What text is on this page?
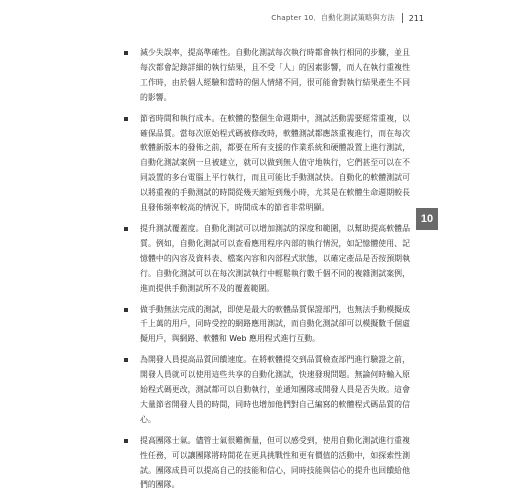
Chapter 10．自動化測試策略與方法 211
減少失誤率，提高準確性。自動化測試每次執行時都會執行相同的步驟，並且每次都會記錄詳細的執行結果，且不受「人」的因素影響，而人在執行重複性工作時，由於個人經驗和當時的個人情緒不同，很可能會對執行結果產生不同的影響。
節省時間和執行成本。在軟體的整個生命週期中，測試活動需要經常重複，以確保品質。當每次原始程式碼被修改時，軟體測試都應該重複進行，而在每次軟體新版本的發佈之前，都要在所有支援的作業系統和硬體設置上進行測試，自動化測試案例一旦被建立，就可以做到無人值守地執行，它們甚至可以在不同設置的多台電腦上平行執行，而且可能比手動測試快。自動化的軟體測試可以將重複的手動測試的時間從幾天縮短到幾小時，尤其是在軟體生命週期較長且發佈頻率較高的情況下，時間成本的節省非常明顯。
提升測試覆蓋度。自動化測試可以增加測試的深度和範圍，以幫助提高軟體品質。例如，自動化測試可以查看應用程序內部的執行情況，如記憶體使用、記憶體中的內容及資料表、檔案內容和內部程式狀態，以確定產品是否按預期執行。自動化測試可以在每次測試執行中輕鬆執行數千個不同的複雜測試案例，進而提供手動測試所不及的覆蓋範圍。
做手動無法完成的測試，即使是最大的軟體品質保證部門，也無法手動模擬成千上萬的用戶，同時受控的網路應用測試，而自動化測試卻可以模擬數千個虛擬用戶，與網路、軟體和 Web 應用程式進行互動。
為開發人員提高品質回饋速度。在將軟體提交到品質檢查部門進行驗證之前，開發人員就可以使用這些共享的自動化測試，快速發現問題。無論何時輸入原始程式碼更改，測試都可以自動執行，並通知團隊或開發人員是否失敗。這會大量節省開發人員的時間，同時也增加他們對自己編寫的軟體程式碼品質的信心。
提高團隊士氣。儘管士氣很難衡量，但可以感受到，使用自動化測試進行重複性任務，可以讓團隊將時間花在更具挑戰性和更有價值的活動中，如探索性測試。團隊成員可以提高自己的技能和信心，同時技能與信心的提升也回饋給他們的團隊。
10
